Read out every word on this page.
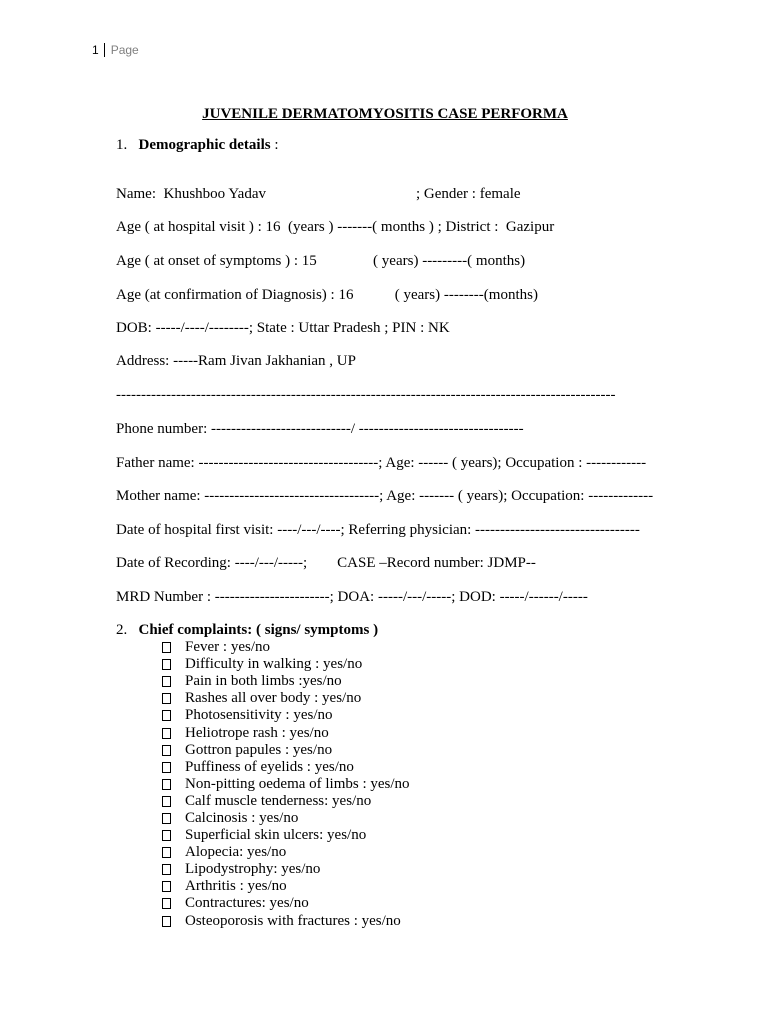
1 Page
JUVENILE DERMATOMYOSITIS CASE PERFORMA
1. Demographic details :
Name:  Khushboo Yadav                                        ; Gender : female
Age ( at hospital visit ) : 16  (years ) -------( months ) ; District :  Gazipur
Age ( at onset of symptoms ) : 15               ( years) ---------( months)
Age (at confirmation of Diagnosis) : 16           ( years) --------(months)
DOB: -----/----/--------; State : Uttar Pradesh ; PIN : NK
Address: -----Ram Jivan Jakhanian , UP
----------------------------------------------------------------------------------------------------
Phone number: ----------------------------/ ---------------------------------
Father name: ------------------------------------; Age: ------ ( years); Occupation : ------------
Mother name: -----------------------------------; Age: ------- ( years); Occupation: -------------
Date of hospital first visit: ----/---/----; Referring physician: ---------------------------------
Date of Recording: ----/---/-----;        CASE –Record number: JDMP--
MRD Number : -----------------------; DOA: -----/---/-----; DOD: -----/------/-----
2. Chief complaints: ( signs/ symptoms )
Fever : yes/no
Difficulty in walking : yes/no
Pain in both limbs :yes/no
Rashes all over body : yes/no
Photosensitivity : yes/no
Heliotrope rash : yes/no
Gottron papules : yes/no
Puffiness of eyelids : yes/no
Non-pitting oedema of limbs : yes/no
Calf muscle tenderness: yes/no
Calcinosis : yes/no
Superficial skin ulcers: yes/no
Alopecia: yes/no
Lipodystrophy: yes/no
Arthritis : yes/no
Contractures: yes/no
Osteoporosis with fractures : yes/no
